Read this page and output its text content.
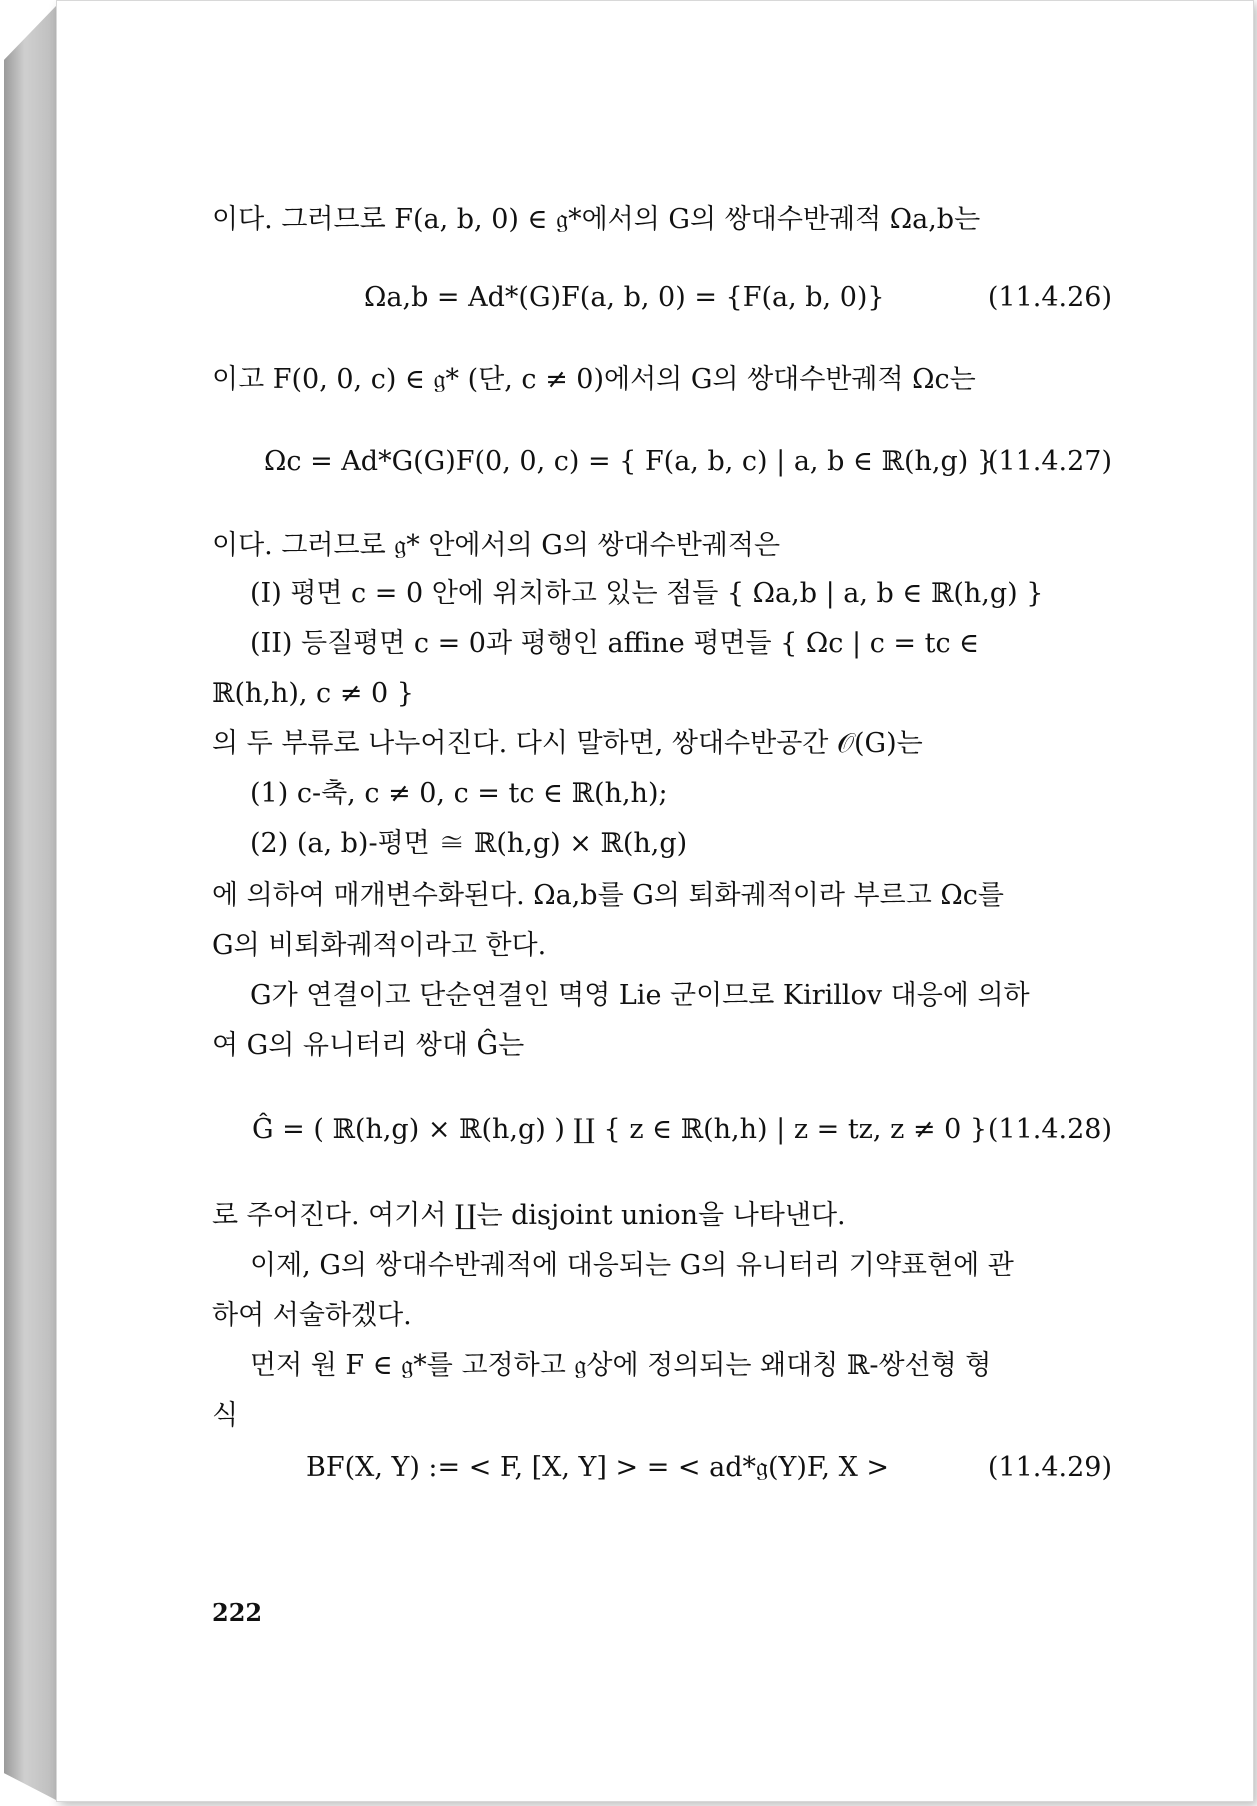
이다. 그러므로 F(a, b, 0) ∈ 𝔤*에서의 G의 쌍대수반궤적 Ωa,b는
Ωa,b = Ad*(G)F(a, b, 0) = {F(a, b, 0)}	(11.4.26)
이고 F(0, 0, c) ∈ 𝔤* (단, c ≠ 0)에서의 G의 쌍대수반궤적 Ωc는
Ωc = Ad*G(G)F(0, 0, c) = { F(a, b, c) | a, b ∈ ℝ(h,g) }
(11.4.27)
이다. 그러므로 𝔤* 안에서의 G의 쌍대수반궤적은
(I) 평면 c = 0 안에 위치하고 있는 점들 { Ωa,b | a, b ∈ ℝ(h,g) }
(II) 등질평면 c = 0과 평행인 affine 평면들 { Ωc | c = tc ∈
ℝ(h,h), c ≠ 0 }
의 두 부류로 나누어진다. 다시 말하면, 쌍대수반공간 𝒪(G)는
(1) c-축, c ≠ 0, c = tc ∈ ℝ(h,h);
(2) (a, b)-평면 ≅ ℝ(h,g) × ℝ(h,g)
에 의하여 매개변수화된다. Ωa,b를 G의 퇴화궤적이라 부르고 Ωc를
G의 비퇴화궤적이라고 한다.
G가 연결이고 단순연결인 멱영 Lie 군이므로 Kirillov 대응에 의하
여 G의 유니터리 쌍대 Ĝ는
Ĝ = ( ℝ(h,g) × ℝ(h,g) ) ∐ { z ∈ ℝ(h,h) | z = tz, z ≠ 0 } (11.4.28)
로 주어진다. 여기서 ∐는 disjoint union을 나타낸다.
이제, G의 쌍대수반궤적에 대응되는 G의 유니터리 기약표현에 관
하여 서술하겠다.
먼저 원 F ∈ 𝔤*를 고정하고 𝔤상에 정의되는 왜대칭 ℝ-쌍선형 형
식
BF(X, Y) := < F, [X, Y] > = < ad*𝔤(Y)F, X >	(11.4.29)
222
